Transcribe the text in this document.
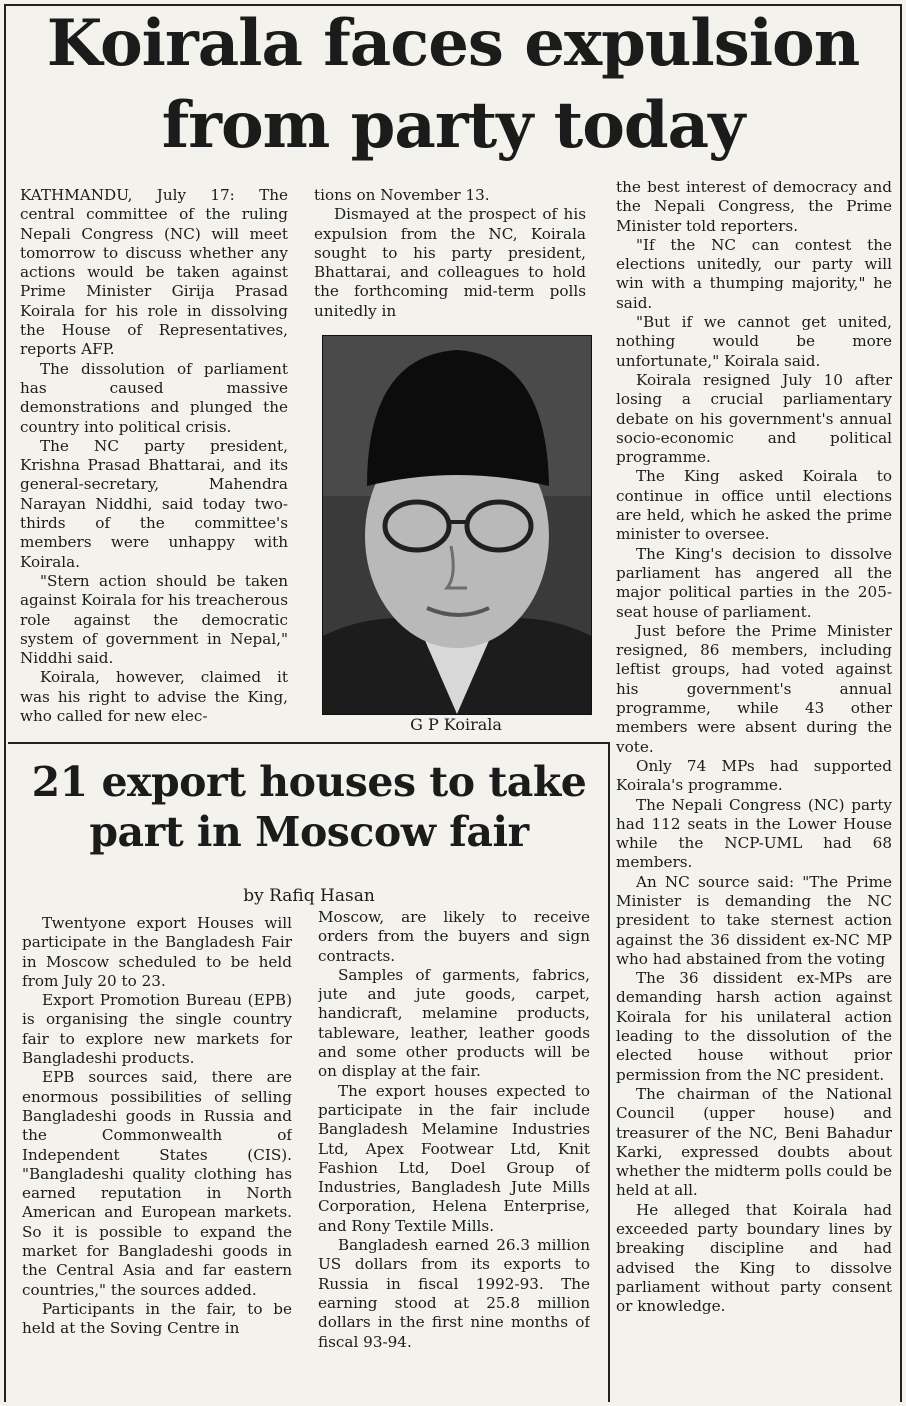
Koirala faces expulsion
from party today

KATHMANDU, July 17: The central committee of the ruling Nepali Congress (NC) will meet tomorrow to discuss whether any actions would be taken against Prime Minister Girija Prasad Koirala for his role in dissolving the House of Representatives, reports AFP.

The dissolution of parliament has caused massive demonstrations and plunged the country into political crisis.

The NC party president, Krishna Prasad Bhattarai, and its general-secretary, Mahendra Narayan Niddhi, said today two-thirds of the committee's members were unhappy with Koirala.

"Stern action should be taken against Koirala for his treacherous role against the democratic system of government in Nepal," Niddhi said.

Koirala, however, claimed it was his right to advise the King, who called for new elec-

tions on November 13.

Dismayed at the prospect of his expulsion from the NC, Koirala sought to his party president, Bhattarai, and colleagues to hold the forthcoming mid-term polls unitedly in

G P Koirala

the best interest of democracy and the Nepali Congress, the Prime Minister told reporters.

"If the NC can contest the elections unitedly, our party will win with a thumping majority," he said.

"But if we cannot get united, nothing would be more unfortunate," Koirala said.

Koirala resigned July 10 after losing a crucial parliamentary debate on his government's annual socio-economic and political programme.

The King asked Koirala to continue in office until elections are held, which he asked the prime minister to oversee.

The King's decision to dissolve parliament has angered all the major political parties in the 205-seat house of parliament.

Just before the Prime Minister resigned, 86 members, including leftist groups, had voted against his government's annual programme, while 43 other members were absent during the vote.

Only 74 MPs had supported Koirala's programme.

The Nepali Congress (NC) party had 112 seats in the Lower House while the NCP-UML had 68 members.

An NC source said: "The Prime Minister is demanding the NC president to take sternest action against the 36 dissident ex-NC MP who had abstained from the voting

The 36 dissident ex-MPs are demanding harsh action against Koirala for his unilateral action leading to the dissolution of the elected house without prior permission from the NC president.

The chairman of the National Council (upper house) and treasurer of the NC, Beni Bahadur Karki, expressed doubts about whether the midterm polls could be held at all.

He alleged that Koirala had exceeded party boundary lines by breaking discipline and had advised the King to dissolve parliament without party consent or knowledge.

21 export houses to take
part in Moscow fair
by Rafiq Hasan

Twentyone export Houses will participate in the Bangladesh Fair in Moscow scheduled to be held from July 20 to 23.

Export Promotion Bureau (EPB) is organising the single country fair to explore new markets for Bangladeshi products.

EPB sources said, there are enormous possibilities of selling Bangladeshi goods in Russia and the Commonwealth of Independent States (CIS). "Bangladeshi quality clothing has earned reputation in North American and European markets. So it is possible to expand the market for Bangladeshi goods in the Central Asia and far eastern countries," the sources added.

Participants in the fair, to be held at the Soving Centre in

Moscow, are likely to receive orders from the buyers and sign contracts.

Samples of garments, fabrics, jute and jute goods, carpet, handicraft, melamine products, tableware, leather, leather goods and some other products will be on display at the fair.

The export houses expected to participate in the fair include Bangladesh Melamine Industries Ltd, Apex Footwear Ltd, Knit Fashion Ltd, Doel Group of Industries, Bangladesh Jute Mills Corporation, Helena Enterprise, and Rony Textile Mills.

Bangladesh earned 26.3 million US dollars from its exports to Russia in fiscal 1992-93. The earning stood at 25.8 million dollars in the first nine months of fiscal 93-94.
